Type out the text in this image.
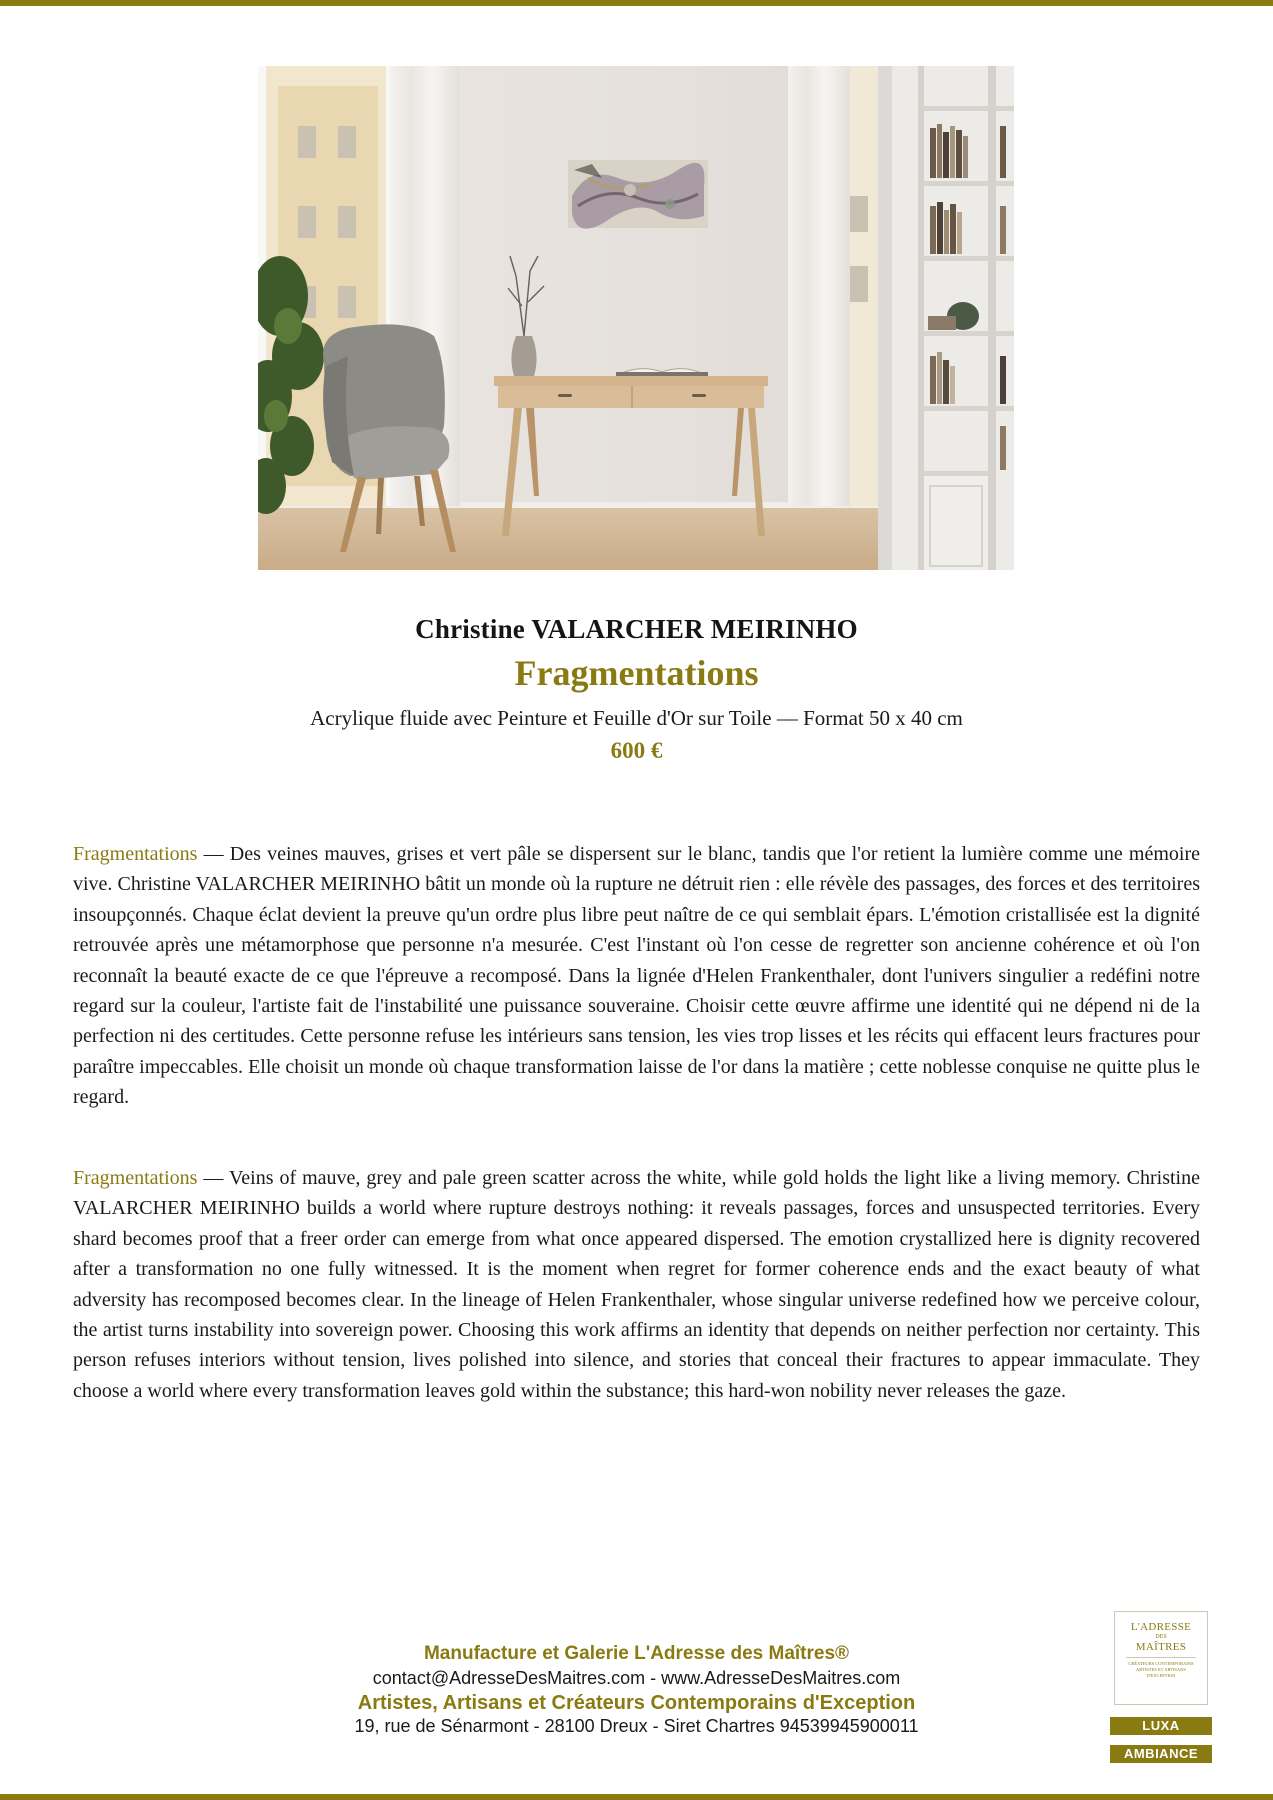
Christine VALARCHER MEIRINHO
Fragmentations
Acrylique fluide avec Peinture et Feuille d'Or sur Toile — Format 50 x 40 cm
600 €

Fragmentations — Des veines mauves, grises et vert pâle se dispersent sur le blanc, tandis que l'or retient la lumière comme une mémoire vive. Christine VALARCHER MEIRINHO bâtit un monde où la rupture ne détruit rien : elle révèle des passages, des forces et des territoires insoupçonnés. Chaque éclat devient la preuve qu'un ordre plus libre peut naître de ce qui semblait épars. L'émotion cristallisée est la dignité retrouvée après une métamorphose que personne n'a mesurée. C'est l'instant où l'on cesse de regretter son ancienne cohérence et où l'on reconnaît la beauté exacte de ce que l'épreuve a recomposé. Dans la lignée d'Helen Frankenthaler, dont l'univers singulier a redéfini notre regard sur la couleur, l'artiste fait de l'instabilité une puissance souveraine. Choisir cette œuvre affirme une identité qui ne dépend ni de la perfection ni des certitudes. Cette personne refuse les intérieurs sans tension, les vies trop lisses et les récits qui effacent leurs fractures pour paraître impeccables. Elle choisit un monde où chaque transformation laisse de l'or dans la matière ; cette noblesse conquise ne quitte plus le regard.

Fragmentations — Veins of mauve, grey and pale green scatter across the white, while gold holds the light like a living memory. Christine VALARCHER MEIRINHO builds a world where rupture destroys nothing: it reveals passages, forces and unsuspected territories. Every shard becomes proof that a freer order can emerge from what once appeared dispersed. The emotion crystallized here is dignity recovered after a transformation no one fully witnessed. It is the moment when regret for former coherence ends and the exact beauty of what adversity has recomposed becomes clear. In the lineage of Helen Frankenthaler, whose singular universe redefined how we perceive colour, the artist turns instability into sovereign power. Choosing this work affirms an identity that depends on neither perfection nor certainty. This person refuses interiors without tension, lives polished into silence, and stories that conceal their fractures to appear immaculate. They choose a world where every transformation leaves gold within the substance; this hard-won nobility never releases the gaze.

Manufacture et Galerie L'Adresse des Maîtres®
contact@AdresseDesMaitres.com - www.AdresseDesMaitres.com
Artistes, Artisans et Créateurs Contemporains d'Exception
19, rue de Sénarmont - 28100 Dreux - Siret Chartres 94539945900011
L'ADRESSE
DES
MAÎTRES
CRÉATEURS CONTEMPORAINS ARTISTES ET ARTISANS D'EXCEPTION
LUXA
AMBIANCE
